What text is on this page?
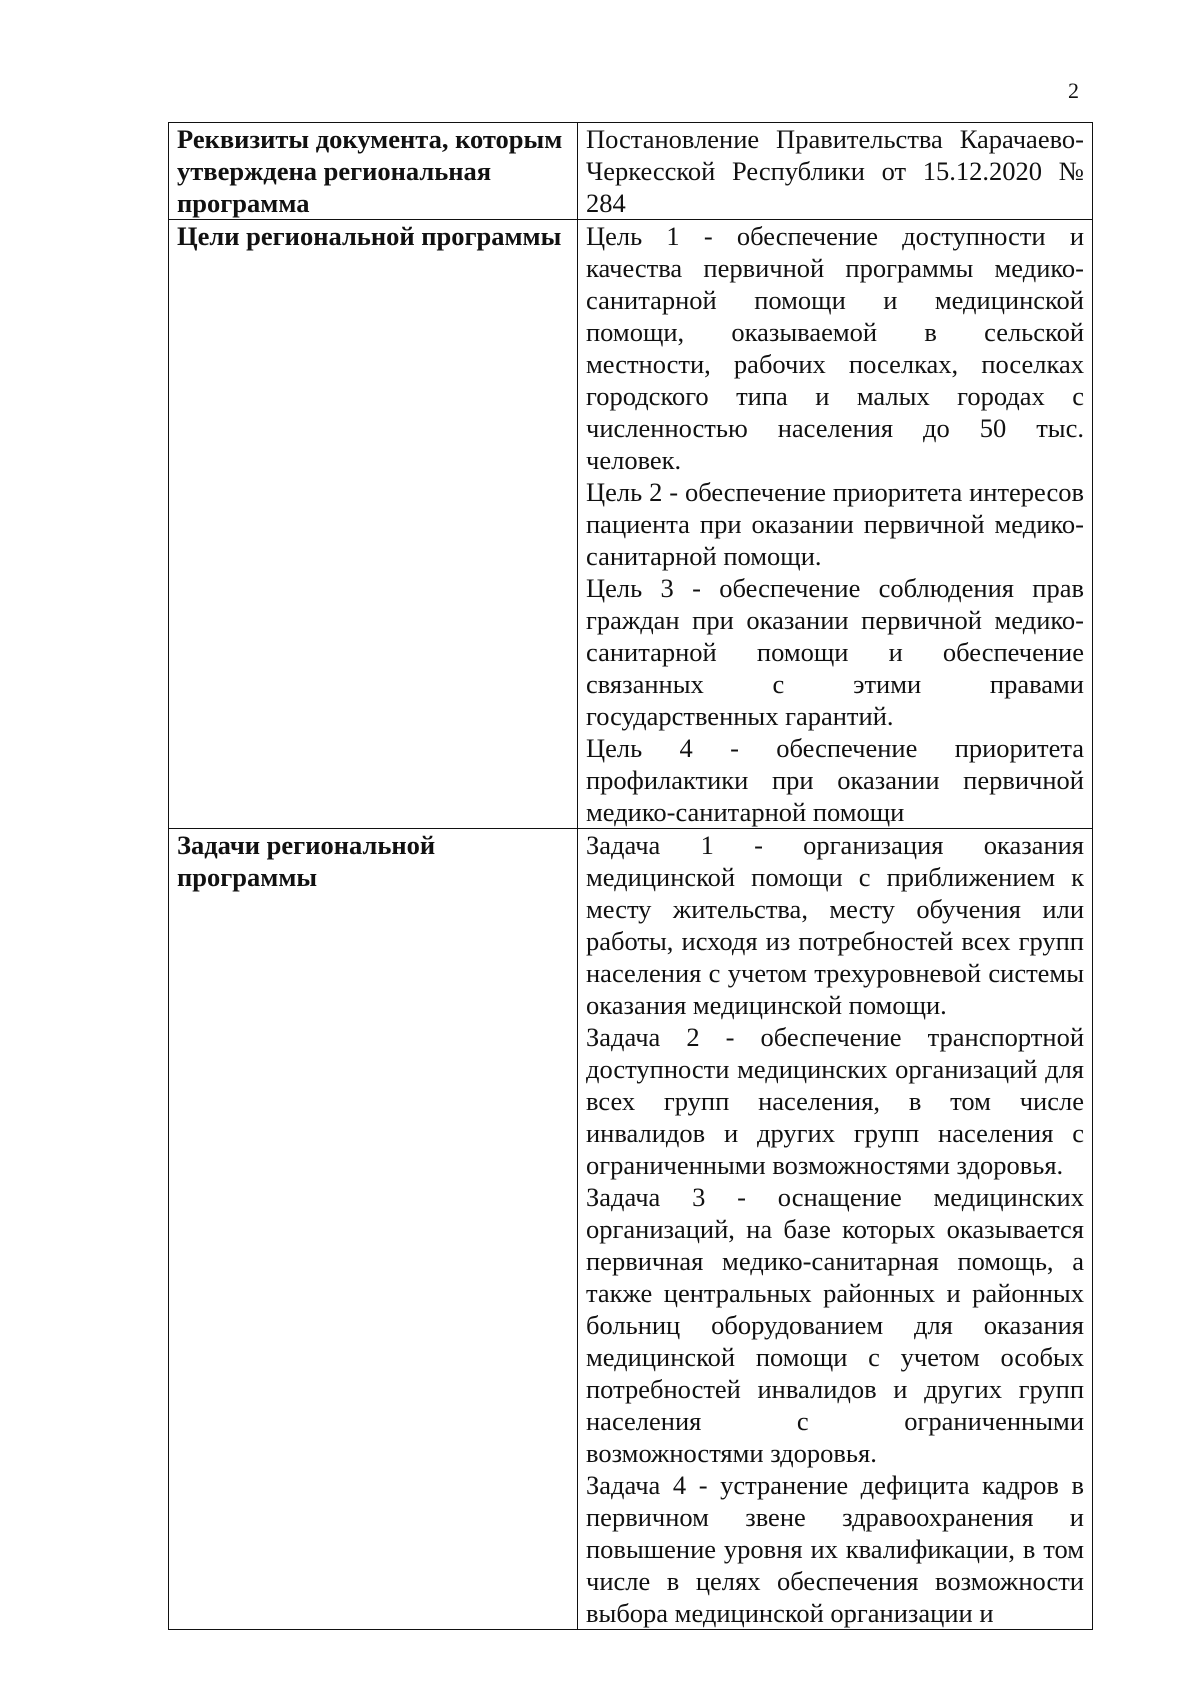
2
Реквизиты документа, которым утверждена региональная программа	Постановление Правительства Карачаево-Черкесской Республики от 15.12.2020 № 284

Цели региональной программы	Цель 1 - обеспечение доступности и качества первичной программы медико-санитарной помощи и медицинской помощи, оказываемой в сельской местности, рабочих поселках, поселках городского типа и малых городах с численностью населения до 50 тыс. человек.
Цель 2 - обеспечение приоритета интересов пациента при оказании первичной медико-санитарной помощи.
Цель 3 - обеспечение соблюдения прав граждан при оказании первичной медико-санитарной помощи и обеспечение связанных с этими правами государственных гарантий.
Цель 4 - обеспечение приоритета профилактики при оказании первичной медико-санитарной помощи

Задачи региональной программы	Задача 1 - организация оказания медицинской помощи с приближением к месту жительства, месту обучения или работы, исходя из потребностей всех групп населения с учетом трехуровневой системы оказания медицинской помощи.
Задача 2 - обеспечение транспортной доступности медицинских организаций для всех групп населения, в том числе инвалидов и других групп населения с ограниченными возможностями здоровья.
Задача 3 - оснащение медицинских организаций, на базе которых оказывается первичная медико-санитарная помощь, а также центральных районных и районных больниц оборудованием для оказания медицинской помощи с учетом особых потребностей инвалидов и других групп населения с ограниченными возможностями здоровья.
Задача 4 - устранение дефицита кадров в первичном звене здравоохранения и повышение уровня их квалификации, в том числе в целях обеспечения возможности выбора медицинской организации и
